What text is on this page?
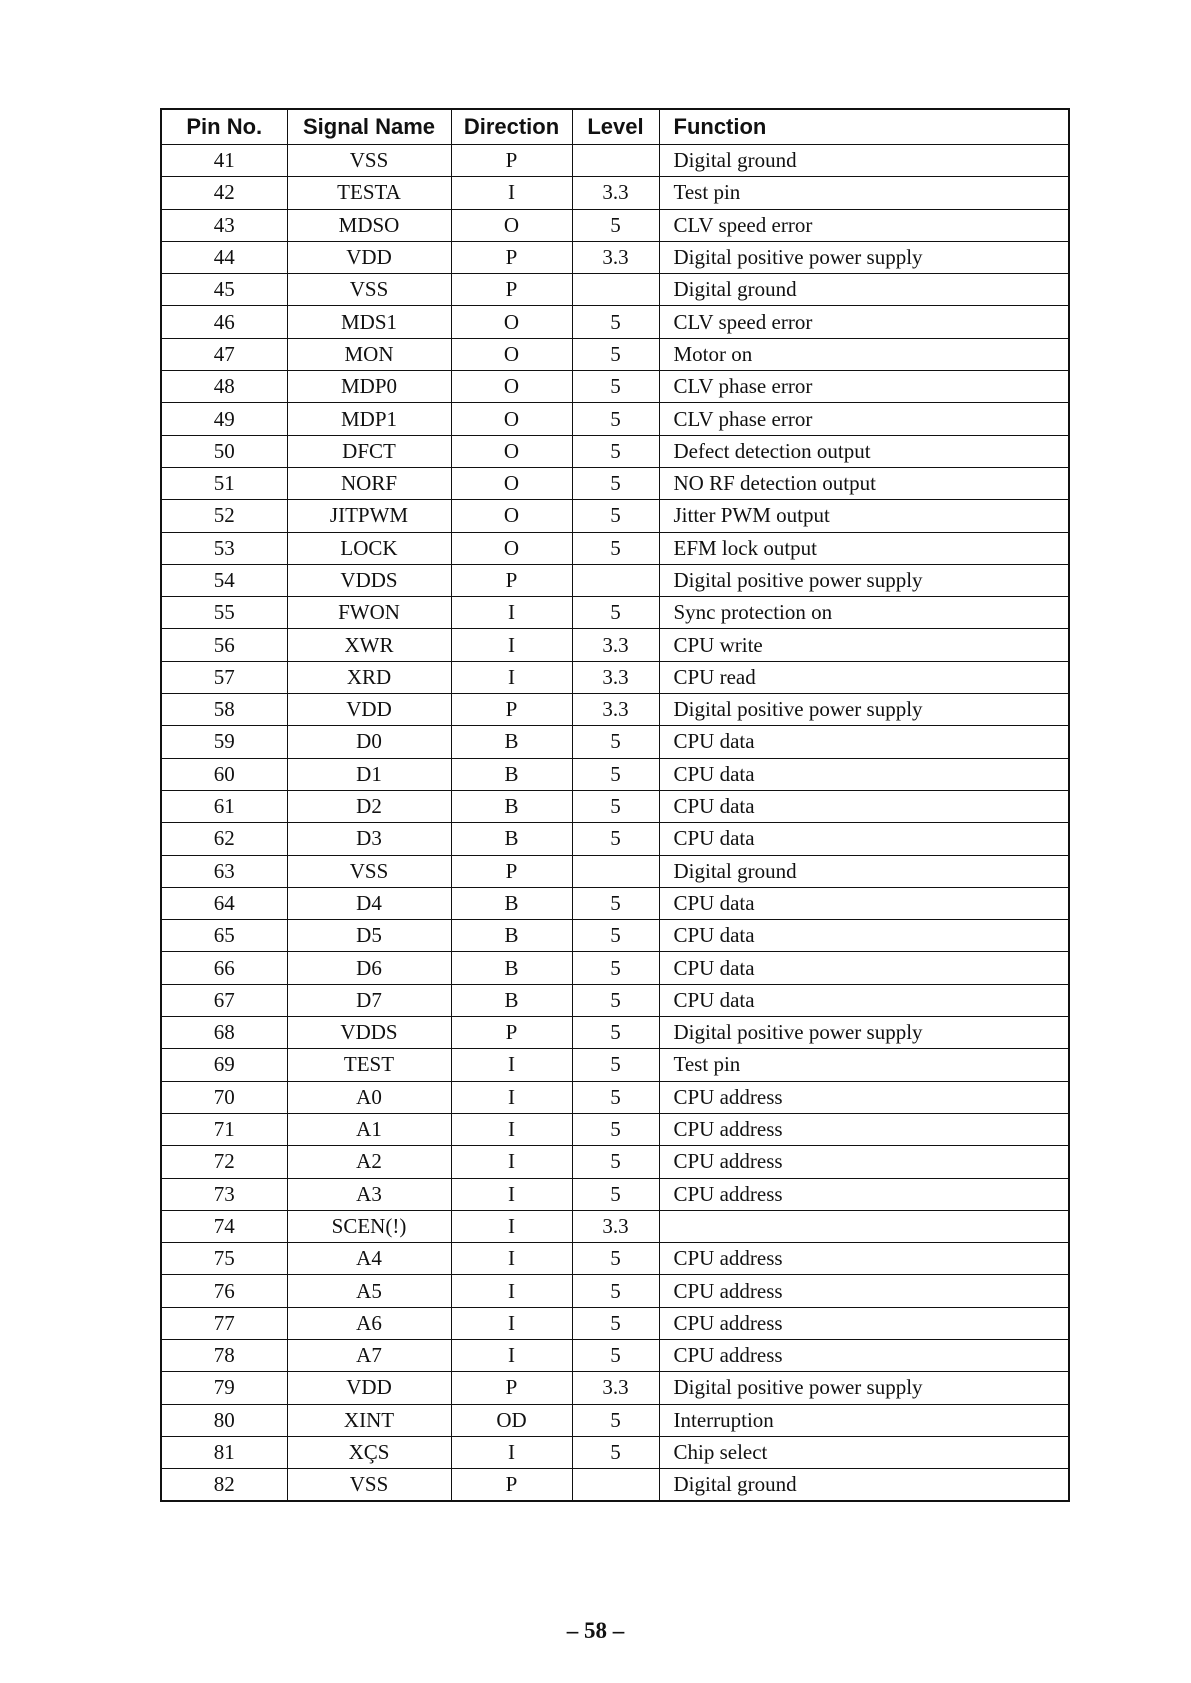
Pin No.	Signal Name	Direction	Level	Function
41	VSS	P		Digital ground
42	TESTA	I	3.3	Test pin
43	MDSO	O	5	CLV speed error
44	VDD	P	3.3	Digital positive power supply
45	VSS	P		Digital ground
46	MDS1	O	5	CLV speed error
47	MON	O	5	Motor on
48	MDP0	O	5	CLV phase error
49	MDP1	O	5	CLV phase error
50	DFCT	O	5	Defect detection output
51	NORF	O	5	NO RF detection output
52	JITPWM	O	5	Jitter PWM output
53	LOCK	O	5	EFM lock output
54	VDDS	P		Digital positive power supply
55	FWON	I	5	Sync protection on
56	XWR	I	3.3	CPU write
57	XRD	I	3.3	CPU read
58	VDD	P	3.3	Digital positive power supply
59	D0	B	5	CPU data
60	D1	B	5	CPU data
61	D2	B	5	CPU data
62	D3	B	5	CPU data
63	VSS	P		Digital ground
64	D4	B	5	CPU data
65	D5	B	5	CPU data
66	D6	B	5	CPU data
67	D7	B	5	CPU data
68	VDDS	P	5	Digital positive power supply
69	TEST	I	5	Test pin
70	A0	I	5	CPU address
71	A1	I	5	CPU address
72	A2	I	5	CPU address
73	A3	I	5	CPU address
74	SCEN(!)	I	3.3	
75	A4	I	5	CPU address
76	A5	I	5	CPU address
77	A6	I	5	CPU address
78	A7	I	5	CPU address
79	VDD	P	3.3	Digital positive power supply
80	XINT	OD	5	Interruption
81	XÇS	I	5	Chip select
82	VSS	P		Digital ground
– 58 –
